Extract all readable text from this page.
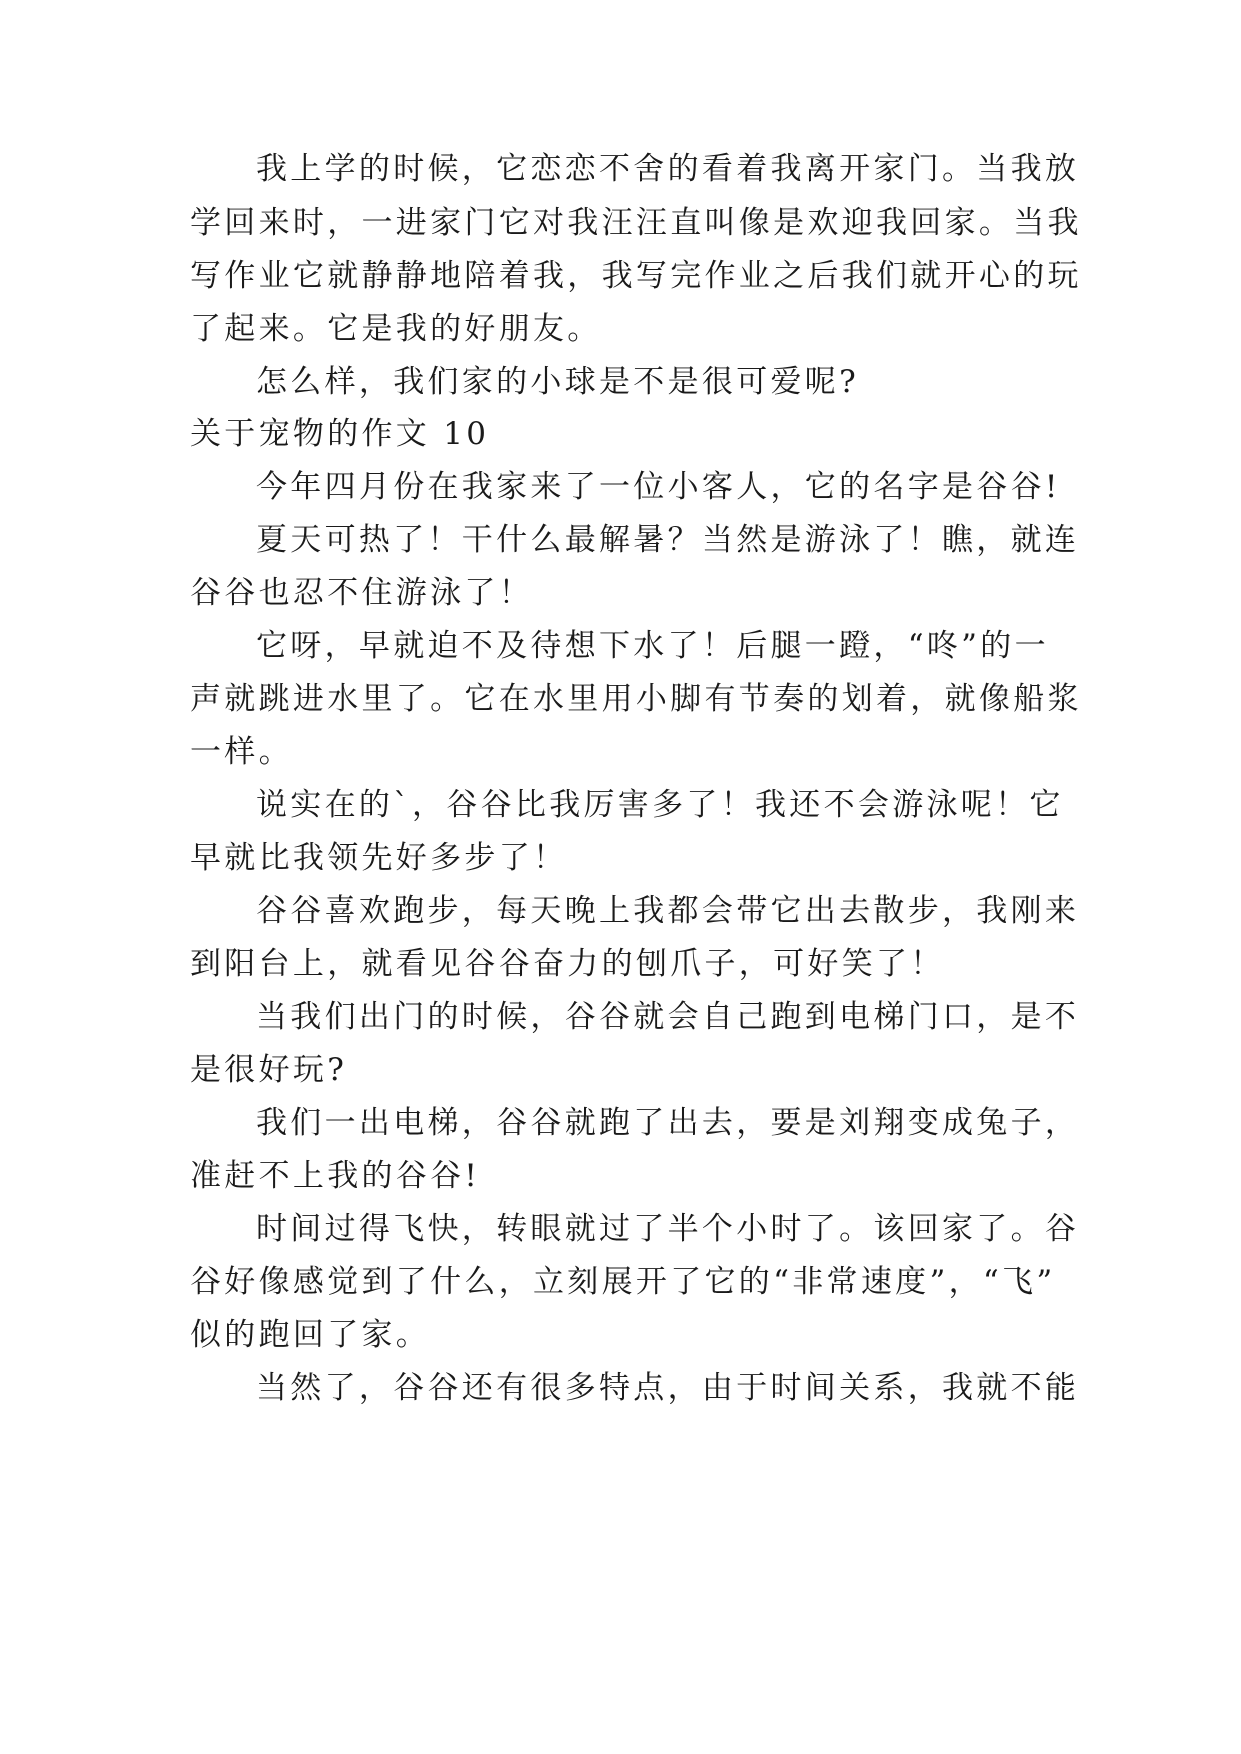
我上学的时候，它恋恋不舍的看着我离开家门。当我放
学回来时，一进家门它对我汪汪直叫像是欢迎我回家。当我
写作业它就静静地陪着我，我写完作业之后我们就开心的玩
了起来。它是我的好朋友。
怎么样，我们家的小球是不是很可爱呢?
关于宠物的作文 10
今年四月份在我家来了一位小客人，它的名字是谷谷!
夏天可热了！干什么最解暑？当然是游泳了！瞧，就连
谷谷也忍不住游泳了！
它呀，早就迫不及待想下水了！后腿一蹬，“咚”的一
声就跳进水里了。它在水里用小脚有节奏的划着，就像船浆
一样。
说实在的`，谷谷比我厉害多了！我还不会游泳呢！它
早就比我领先好多步了！
谷谷喜欢跑步，每天晚上我都会带它出去散步，我刚来
到阳台上，就看见谷谷奋力的刨爪子，可好笑了！
当我们出门的时候，谷谷就会自己跑到电梯门口，是不
是很好玩?
我们一出电梯，谷谷就跑了出去，要是刘翔变成兔子，
准赶不上我的谷谷!
时间过得飞快，转眼就过了半个小时了。该回家了。谷
谷好像感觉到了什么，立刻展开了它的“非常速度”，“飞”
似的跑回了家。
当然了，谷谷还有很多特点，由于时间关系，我就不能
